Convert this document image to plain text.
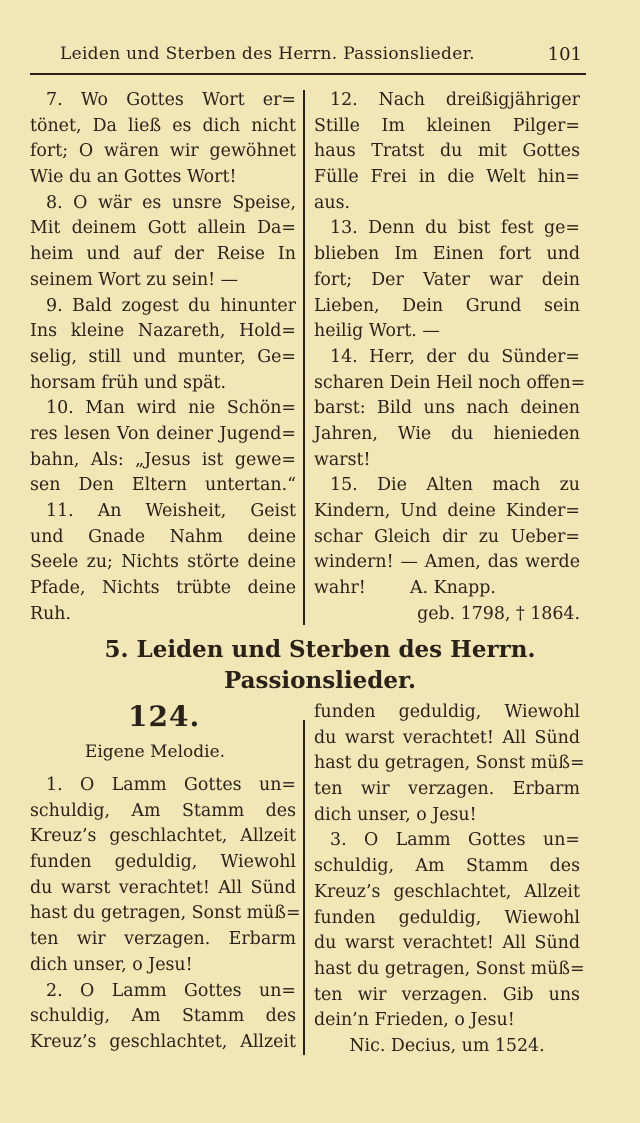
Leiden und Sterben des Herrn. Passionslieder.	101
7. Wo Gottes Wort er=
tönet, Da ließ es dich nicht
fort; O wären wir gewöhnet
Wie du an Gottes Wort!
8. O wär es unsre Speise,
Mit deinem Gott allein Da=
heim und auf der Reise In
seinem Wort zu sein! —
9. Bald zogest du hinunter
Ins kleine Nazareth, Hold=
selig, still und munter, Ge=
horsam früh und spät.
10. Man wird nie Schön=
res lesen Von deiner Jugend=
bahn, Als: „Jesus ist gewe=
sen Den Eltern untertan.“
11. An Weisheit, Geist
und Gnade Nahm deine
Seele zu; Nichts störte deine
Pfade, Nichts trübte deine
Ruh.
12. Nach dreißigjähriger
Stille Im kleinen Pilger=
haus Tratst du mit Gottes
Fülle Frei in die Welt hin=
aus.
13. Denn du bist fest ge=
blieben Im Einen fort und
fort; Der Vater war dein
Lieben, Dein Grund sein
heilig Wort. —
14. Herr, der du Sünder=
scharen Dein Heil noch offen=
barst: Bild uns nach deinen
Jahren, Wie du hienieden
warst!
15. Die Alten mach zu
Kindern, Und deine Kinder=
schar Gleich dir zu Ueber=
windern! — Amen, das werde
wahr!        A. Knapp.
geb. 1798, † 1864.
5. Leiden und Sterben des Herrn.
Passionslieder.
124.
Eigene Melodie.
1. O Lamm Gottes un=
schuldig, Am Stamm des
Kreuz’s geschlachtet, Allzeit
funden geduldig, Wiewohl
du warst verachtet! All Sünd
hast du getragen, Sonst müß=
ten wir verzagen. Erbarm
dich unser, o Jesu!
2. O Lamm Gottes un=
schuldig, Am Stamm des
Kreuz’s geschlachtet, Allzeit
funden geduldig, Wiewohl
du warst verachtet! All Sünd
hast du getragen, Sonst müß=
ten wir verzagen. Erbarm
dich unser, o Jesu!
3. O Lamm Gottes un=
schuldig, Am Stamm des
Kreuz’s geschlachtet, Allzeit
funden geduldig, Wiewohl
du warst verachtet! All Sünd
hast du getragen, Sonst müß=
ten wir verzagen. Gib uns
dein’n Frieden, o Jesu!
Nic. Decius, um 1524.
